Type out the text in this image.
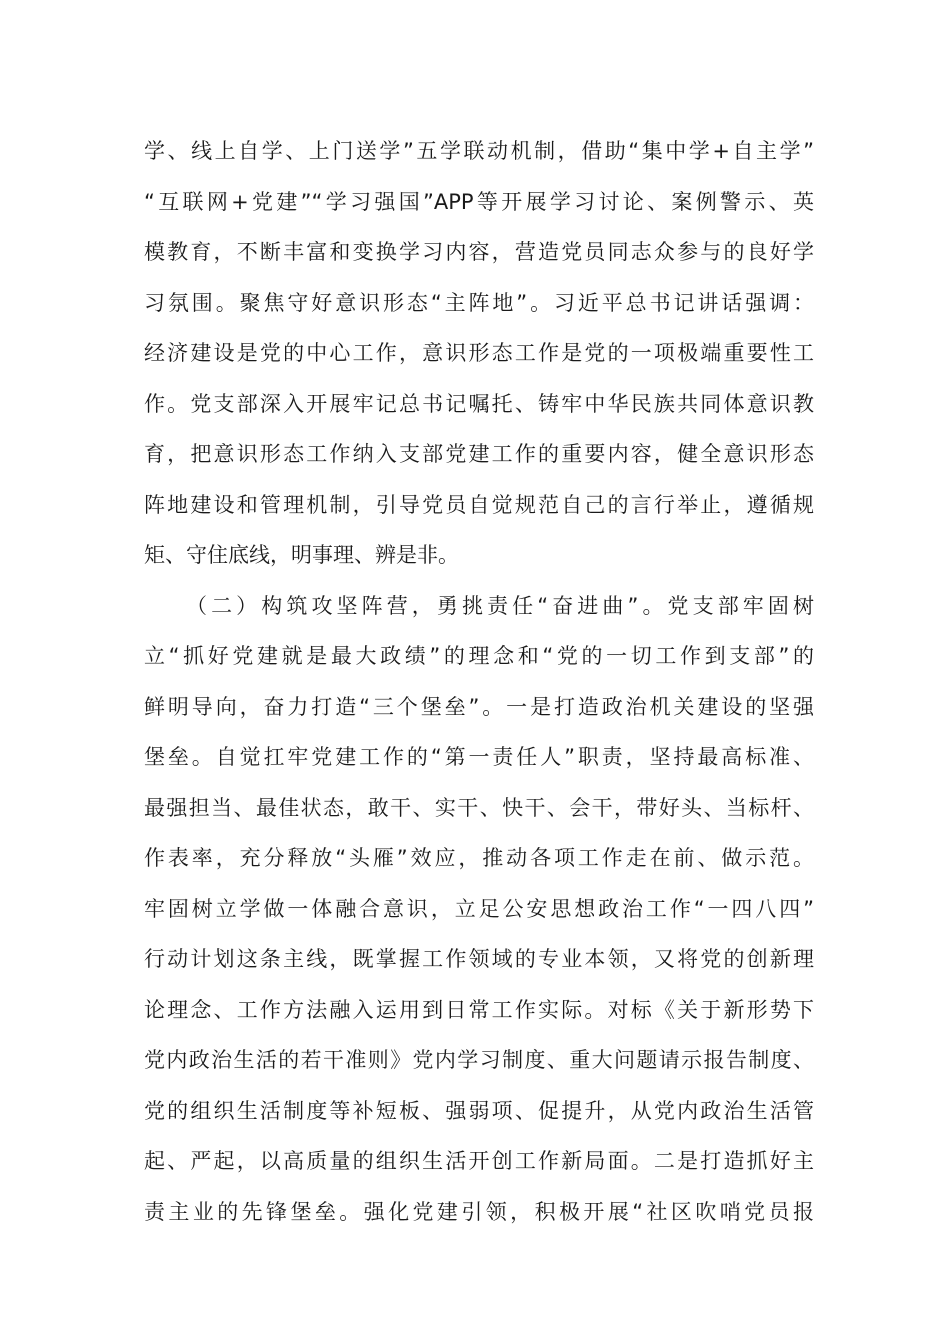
学、线上自学、上门送学”五学联动机制，借助“集中学+自主学”
“互联网+党建”“学习强国”APP等开展学习讨论、案例警示、英
模教育，不断丰富和变换学习内容，营造党员同志众参与的良好学
习氛围。聚焦守好意识形态“主阵地”。习近平总书记讲话强调：
经济建设是党的中心工作，意识形态工作是党的一项极端重要性工
作。党支部深入开展牢记总书记嘱托、铸牢中华民族共同体意识教
育，把意识形态工作纳入支部党建工作的重要内容，健全意识形态
阵地建设和管理机制，引导党员自觉规范自己的言行举止，遵循规
矩、守住底线，明事理、辨是非。
（二）构筑攻坚阵营，勇挑责任“奋进曲”。党支部牢固树
立“抓好党建就是最大政绩”的理念和“党的一切工作到支部”的
鲜明导向，奋力打造“三个堡垒”。一是打造政治机关建设的坚强
堡垒。自觉扛牢党建工作的“第一责任人”职责，坚持最高标准、
最强担当、最佳状态，敢干、实干、快干、会干，带好头、当标杆、
作表率，充分释放“头雁”效应，推动各项工作走在前、做示范。
牢固树立学做一体融合意识，立足公安思想政治工作“一四八四”
行动计划这条主线，既掌握工作领域的专业本领，又将党的创新理
论理念、工作方法融入运用到日常工作实际。对标《关于新形势下
党内政治生活的若干准则》党内学习制度、重大问题请示报告制度、
党的组织生活制度等补短板、强弱项、促提升，从党内政治生活管
起、严起，以高质量的组织生活开创工作新局面。二是打造抓好主
责主业的先锋堡垒。强化党建引领，积极开展“社区吹哨党员报
